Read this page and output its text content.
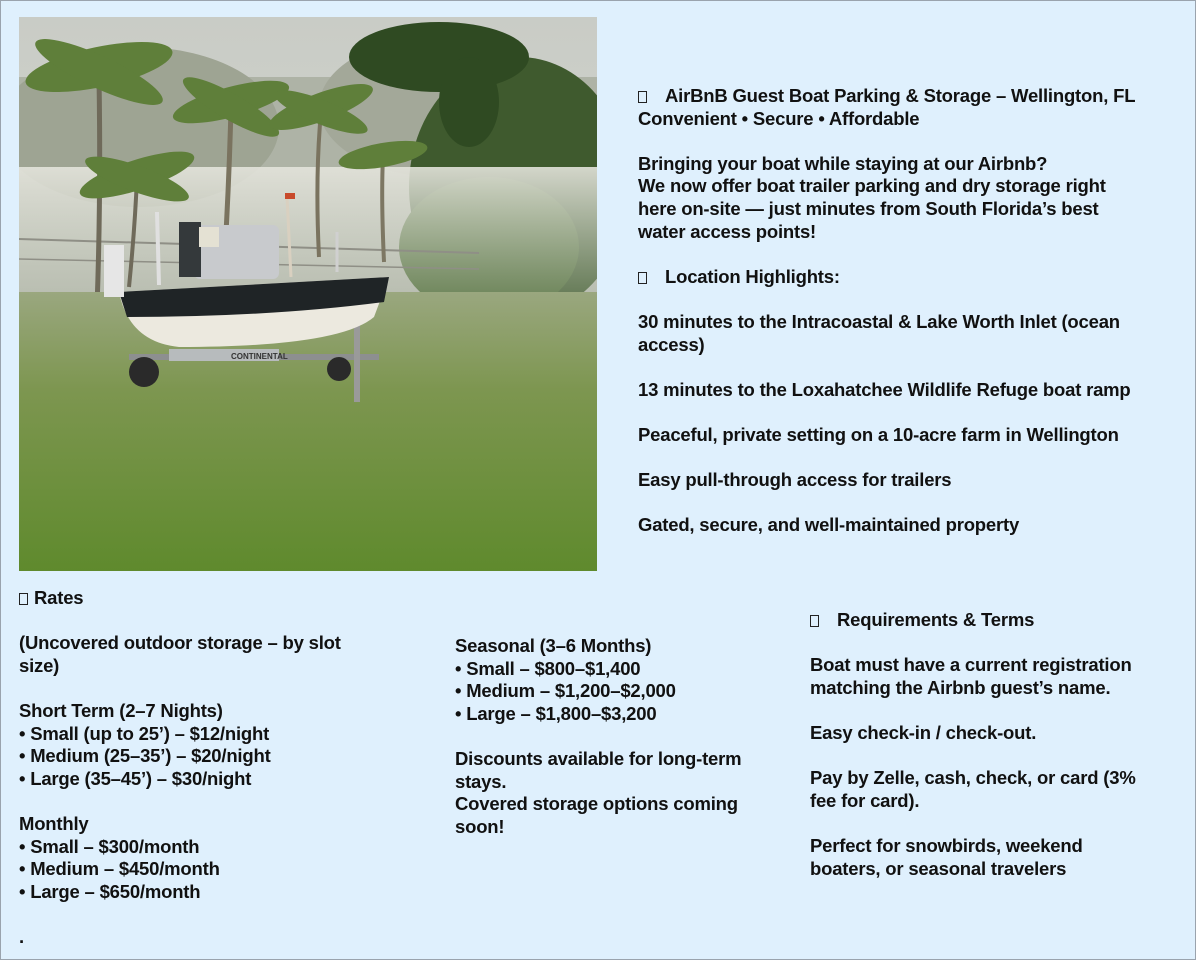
CONTINENTAL
AirBnB Guest Boat Parking & Storage – Wellington, FL
Convenient • Secure • Affordable
Bringing your boat while staying at our Airbnb?
We now offer boat trailer parking and dry storage right here on-site — just minutes from South Florida’s best water access points!
Location Highlights:
30 minutes to the Intracoastal & Lake Worth Inlet (ocean access)
13 minutes to the Loxahatchee Wildlife Refuge boat ramp
Peaceful, private setting on a 10-acre farm in Wellington
Easy pull-through access for trailers
Gated, secure, and well-maintained property
Rates
(Uncovered outdoor storage – by slot size)
Short Term (2–7 Nights)
• Small (up to 25’) – $12/night
• Medium (25–35’) – $20/night
• Large (35–45’) – $30/night
Monthly
• Small – $300/month
• Medium – $450/month
• Large – $650/month
.
Seasonal (3–6 Months)
• Small – $800–$1,400
• Medium – $1,200–$2,000
• Large – $1,800–$3,200
Discounts available for long-term stays.
Covered storage options coming soon!
Requirements & Terms
Boat must have a current registration matching the Airbnb guest’s name.
Easy check-in / check-out.
Pay by Zelle, cash, check, or card (3% fee for card).
Perfect for snowbirds, weekend boaters, or seasonal travelers
